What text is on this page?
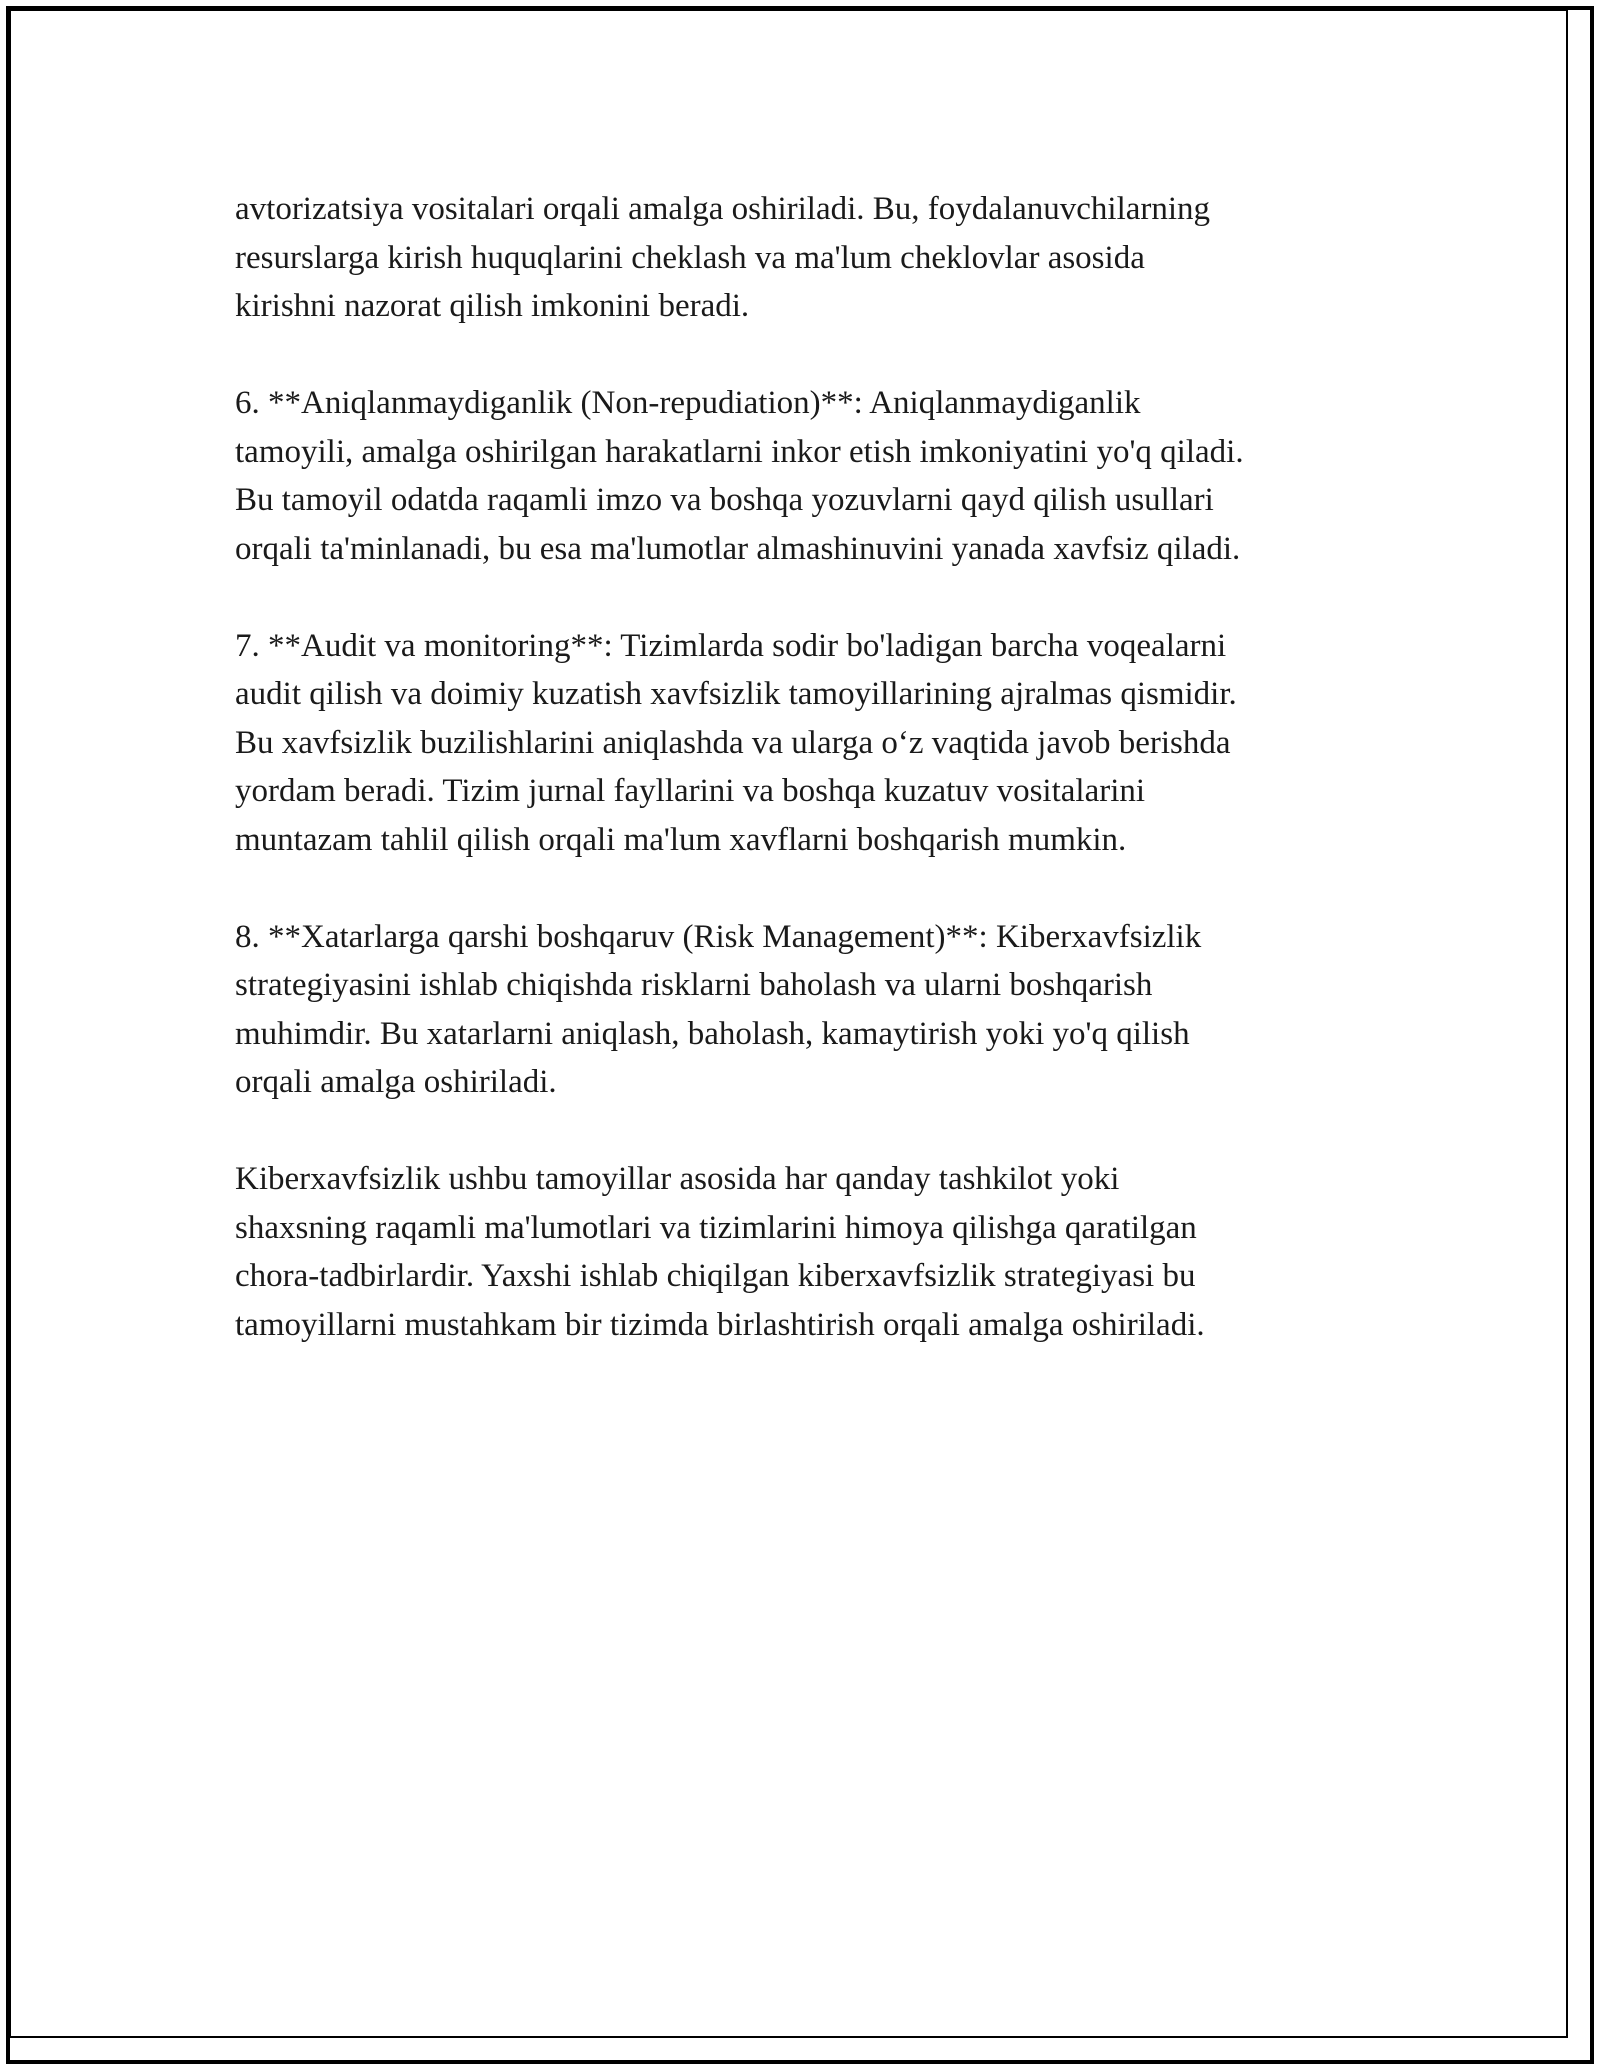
avtorizatsiya vositalari orqali amalga oshiriladi. Bu, foydalanuvchilarning
resurslarga kirish huquqlarini cheklash va ma'lum cheklovlar asosida
kirishni nazorat qilish imkonini beradi.

6. **Aniqlanmaydiganlik (Non-repudiation)**: Aniqlanmaydiganlik
tamoyili, amalga oshirilgan harakatlarni inkor etish imkoniyatini yo'q qiladi.
Bu tamoyil odatda raqamli imzo va boshqa yozuvlarni qayd qilish usullari
orqali ta'minlanadi, bu esa ma'lumotlar almashinuvini yanada xavfsiz qiladi.

7. **Audit va monitoring**: Tizimlarda sodir bo'ladigan barcha voqealarni
audit qilish va doimiy kuzatish xavfsizlik tamoyillarining ajralmas qismidir.
Bu xavfsizlik buzilishlarini aniqlashda va ularga o‘z vaqtida javob berishda
yordam beradi. Tizim jurnal fayllarini va boshqa kuzatuv vositalarini
muntazam tahlil qilish orqali ma'lum xavflarni boshqarish mumkin.

8. **Xatarlarga qarshi boshqaruv (Risk Management)**: Kiberxavfsizlik
strategiyasini ishlab chiqishda risklarni baholash va ularni boshqarish
muhimdir. Bu xatarlarni aniqlash, baholash, kamaytirish yoki yo'q qilish
orqali amalga oshiriladi.

Kiberxavfsizlik ushbu tamoyillar asosida har qanday tashkilot yoki
shaxsning raqamli ma'lumotlari va tizimlarini himoya qilishga qaratilgan
chora-tadbirlardir. Yaxshi ishlab chiqilgan kiberxavfsizlik strategiyasi bu
tamoyillarni mustahkam bir tizimda birlashtirish orqali amalga oshiriladi.
